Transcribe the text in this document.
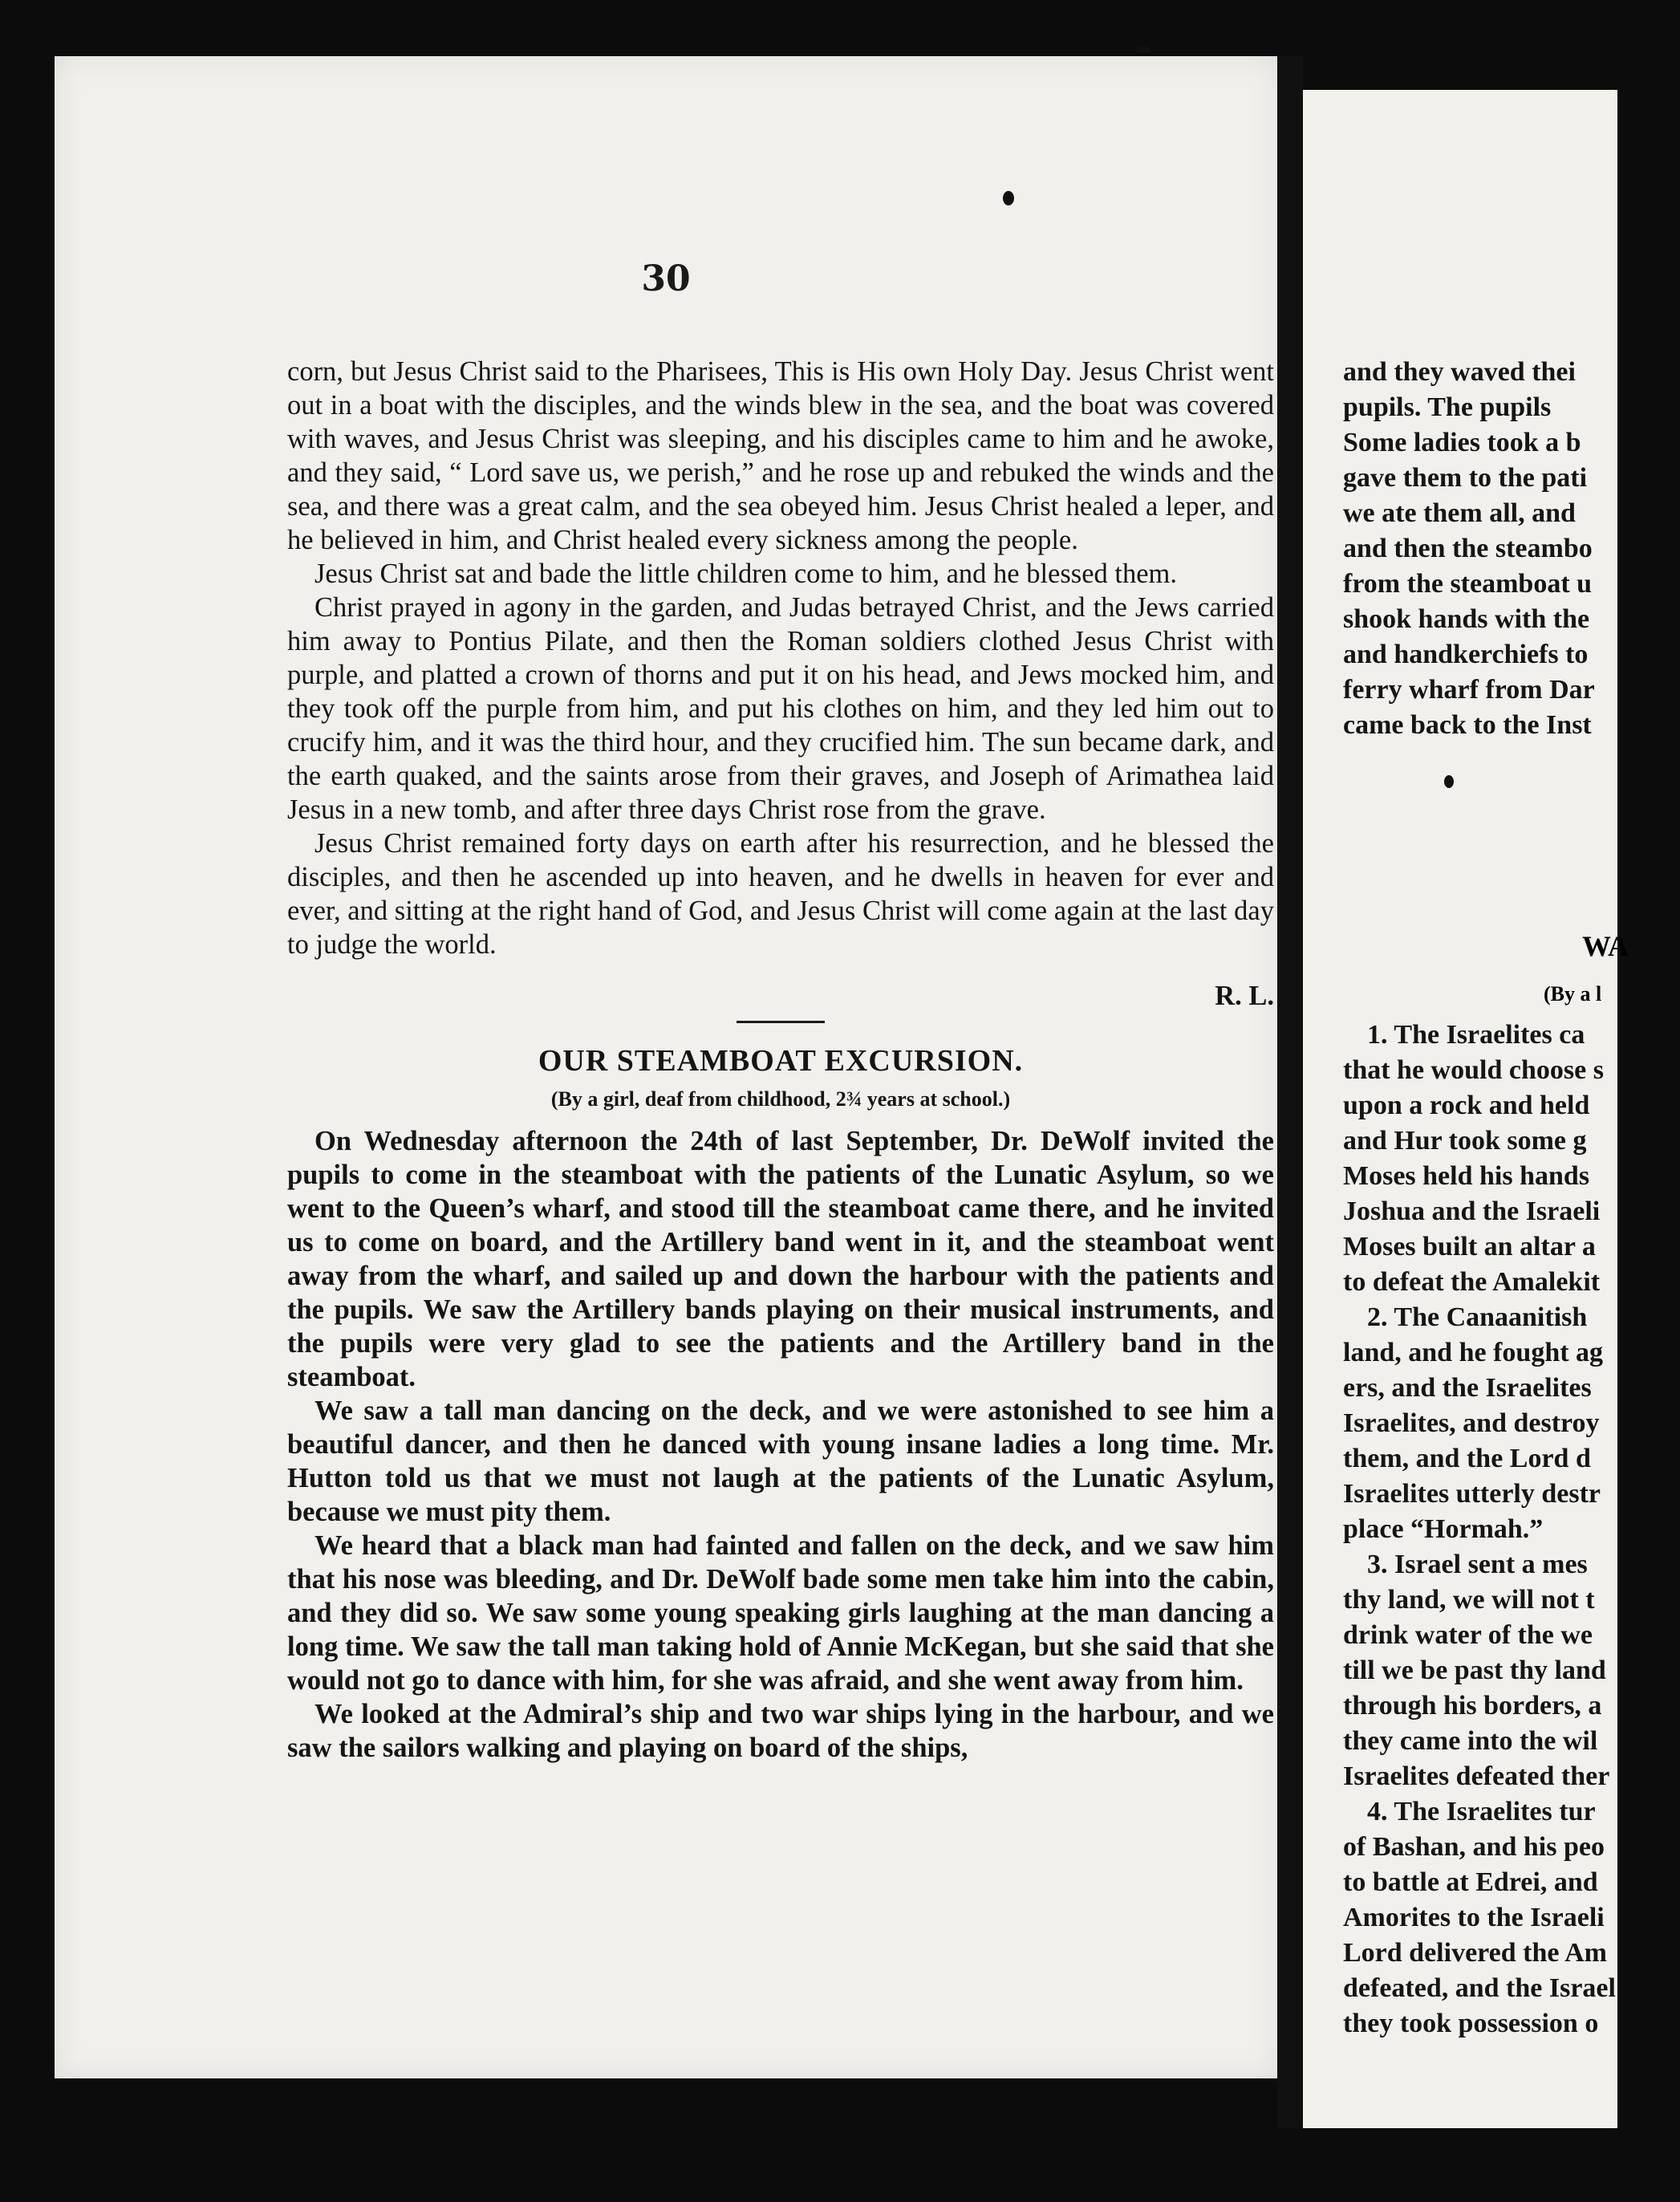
30

corn, but Jesus Christ said to the Pharisees, This is His own Holy Day. Jesus Christ went out in a boat with the disciples, and the winds blew in the sea, and the boat was covered with waves, and Jesus Christ was sleeping, and his disciples came to him and he awoke, and they said, “ Lord save us, we perish,” and he rose up and rebuked the winds and the sea, and there was a great calm, and the sea obeyed him. Jesus Christ healed a leper, and he believed in him, and Christ healed every sickness among the people.

Jesus Christ sat and bade the little children come to him, and he blessed them.

Christ prayed in agony in the garden, and Judas betrayed Christ, and the Jews carried him away to Pontius Pilate, and then the Roman soldiers clothed Jesus Christ with purple, and platted a crown of thorns and put it on his head, and Jews mocked him, and they took off the purple from him, and put his clothes on him, and they led him out to crucify him, and it was the third hour, and they crucified him. The sun became dark, and the earth quaked, and the saints arose from their graves, and Joseph of Arimathea laid Jesus in a new tomb, and after three days Christ rose from the grave.

Jesus Christ remained forty days on earth after his resurrection, and he blessed the disciples, and then he ascended up into heaven, and he dwells in heaven for ever and ever, and sitting at the right hand of God, and Jesus Christ will come again at the last day to judge the world.

R. L.

OUR STEAMBOAT EXCURSION.
(By a girl, deaf from childhood, 2¾ years at school.)

On Wednesday afternoon the 24th of last September, Dr. DeWolf invited the pupils to come in the steamboat with the patients of the Lunatic Asylum, so we went to the Queen’s wharf, and stood till the steamboat came there, and he invited us to come on board, and the Artillery band went in it, and the steamboat went away from the wharf, and sailed up and down the harbour with the patients and the pupils. We saw the Artillery bands playing on their musical instruments, and the pupils were very glad to see the patients and the Artillery band in the steamboat.

We saw a tall man dancing on the deck, and we were astonished to see him a beautiful dancer, and then he danced with young insane ladies a long time. Mr. Hutton told us that we must not laugh at the patients of the Lunatic Asylum, because we must pity them.

We heard that a black man had fainted and fallen on the deck, and we saw him that his nose was bleeding, and Dr. DeWolf bade some men take him into the cabin, and they did so. We saw some young speaking girls laughing at the man dancing a long time. We saw the tall man taking hold of Annie McKegan, but she said that she would not go to dance with him, for she was afraid, and she went away from him.

We looked at the Admiral’s ship and two war ships lying in the harbour, and we saw the sailors walking and playing on board of the ships,

and they waved thei
pupils. The pupils
Some ladies took a b
gave them to the pati
we ate them all, and
and then the steambo
from the steamboat u
shook hands with the
and handkerchiefs to
ferry wharf from Dar
came back to the Inst
WA
(By a l
1. The Israelites ca
that he would choose s
upon a rock and held
and Hur took some g
Moses held his hands
Joshua and the Israeli
Moses built an altar a
to defeat the Amalekit
2. The Canaanitish
land, and he fought ag
ers, and the Israelites
Israelites, and destroy
them, and the Lord d
Israelites utterly destr
place “Hormah.”
3. Israel sent a mes
thy land, we will not t
drink water of the we
till we be past thy land
through his borders, a
they came into the wil
Israelites defeated ther
4. The Israelites tur
of Bashan, and his peo
to battle at Edrei, and
Amorites to the Israeli
Lord delivered the Am
defeated, and the Israel
they took possession o
